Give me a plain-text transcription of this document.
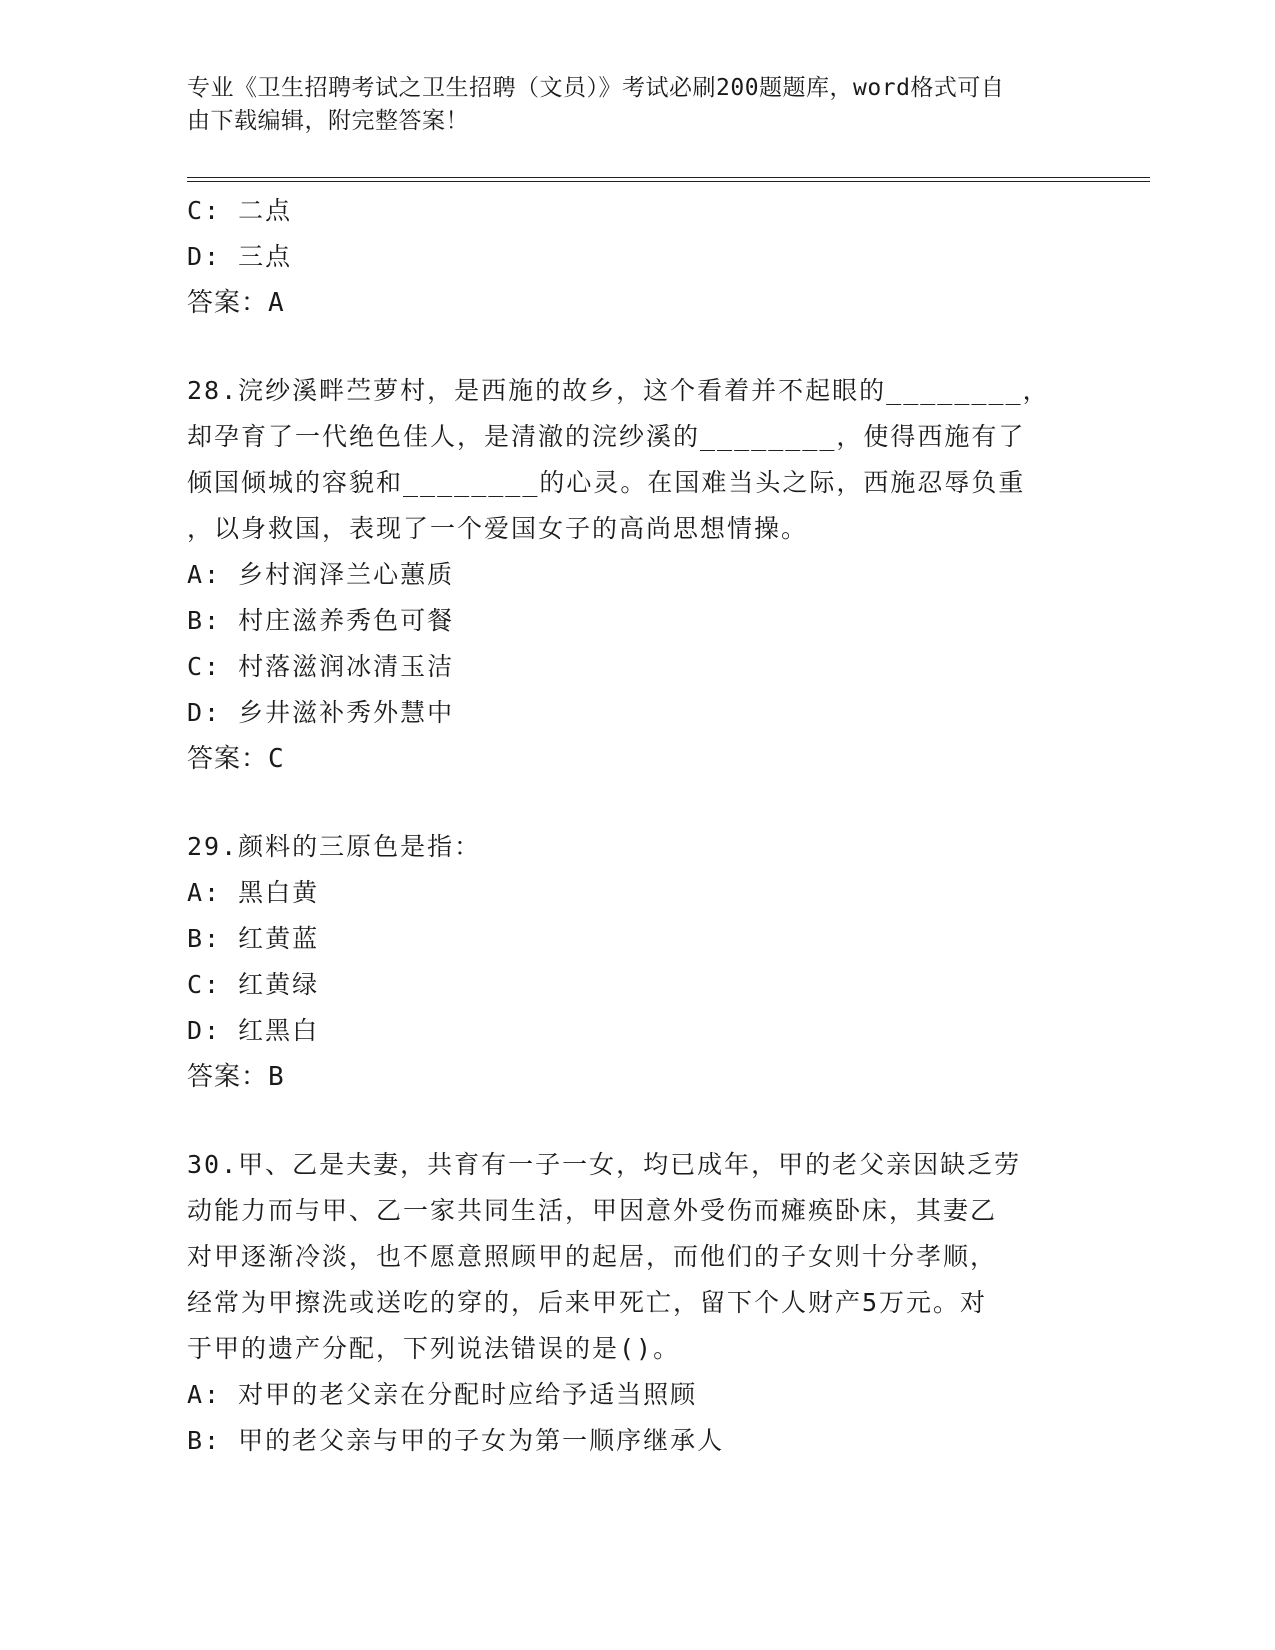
专业《卫生招聘考试之卫生招聘（文员）》考试必刷200题题库，word格式可自
由下载编辑，附完整答案！
C: 二点
D: 三点
答案：A
28.浣纱溪畔苎萝村，是西施的故乡，这个看着并不起眼的________，
却孕育了一代绝色佳人，是清澈的浣纱溪的________，使得西施有了
倾国倾城的容貌和________的心灵。在国难当头之际，西施忍辱负重
，以身救国，表现了一个爱国女子的高尚思想情操。
A: 乡村润泽兰心蕙质
B: 村庄滋养秀色可餐
C: 村落滋润冰清玉洁
D: 乡井滋补秀外慧中
答案：C
29.颜料的三原色是指：
A: 黑白黄
B: 红黄蓝
C: 红黄绿
D: 红黑白
答案：B
30.甲、乙是夫妻，共育有一子一女，均已成年，甲的老父亲因缺乏劳
动能力而与甲、乙一家共同生活，甲因意外受伤而瘫痪卧床，其妻乙
对甲逐渐冷淡，也不愿意照顾甲的起居，而他们的子女则十分孝顺，
经常为甲擦洗或送吃的穿的，后来甲死亡，留下个人财产5万元。对
于甲的遗产分配，下列说法错误的是()。
A: 对甲的老父亲在分配时应给予适当照顾
B: 甲的老父亲与甲的子女为第一顺序继承人
